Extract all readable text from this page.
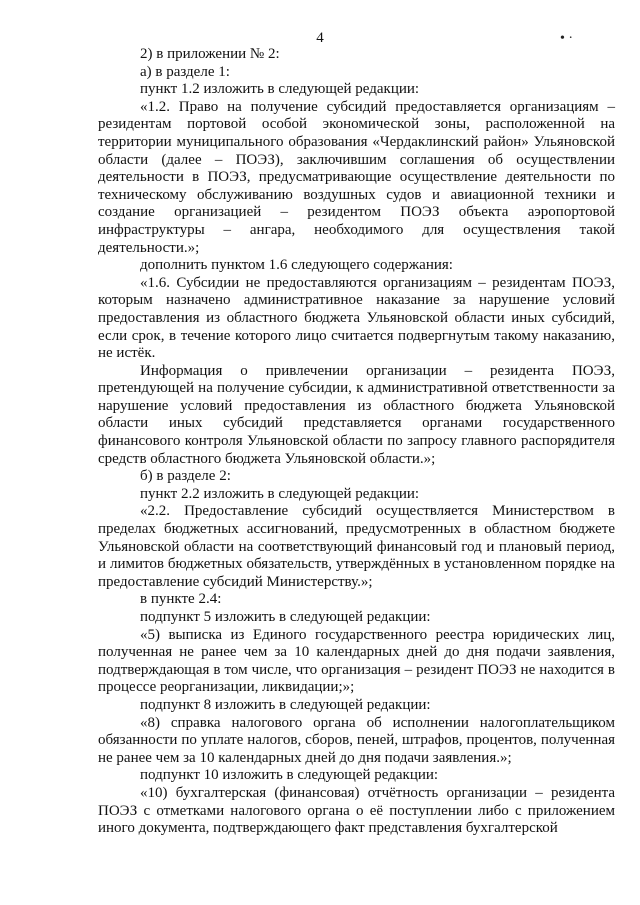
4	• ·

2) в приложении № 2:

а) в разделе 1:

пункт 1.2 изложить в следующей редакции:

«1.2. Право на получение субсидий предоставляется организациям – резидентам портовой особой экономической зоны, расположенной на территории муниципального образования «Чердаклинский район» Ульяновской области (далее – ПОЭЗ), заключившим соглашения об осуществлении деятельности в ПОЭЗ, предусматривающие осуществление деятельности по техническому обслуживанию воздушных судов и авиационной техники и создание организацией – резидентом ПОЭЗ объекта аэропортовой инфраструктуры – ангара, необходимого для осуществления такой деятельности.»;

дополнить пунктом 1.6 следующего содержания:

«1.6. Субсидии не предоставляются организациям – резидентам ПОЭЗ, которым назначено административное наказание за нарушение условий предоставления из областного бюджета Ульяновской области иных субсидий, если срок, в течение которого лицо считается подвергнутым такому наказанию, не истёк.

Информация о привлечении организации – резидента ПОЭЗ, претендующей на получение субсидии, к административной ответственности за нарушение условий предоставления из областного бюджета Ульяновской области иных субсидий представляется органами государственного финансового контроля Ульяновской области по запросу главного распорядителя средств областного бюджета Ульяновской области.»;

б) в разделе 2:

пункт 2.2 изложить в следующей редакции:

«2.2. Предоставление субсидий осуществляется Министерством в пределах бюджетных ассигнований, предусмотренных в областном бюджете Ульяновской области на соответствующий финансовый год и плановый период, и лимитов бюджетных обязательств, утверждённых в установленном порядке на предоставление субсидий Министерству.»;

в пункте 2.4:

подпункт 5 изложить в следующей редакции:

«5) выписка из Единого государственного реестра юридических лиц, полученная не ранее чем за 10 календарных дней до дня подачи заявления, подтверждающая в том числе, что организация – резидент ПОЭЗ не находится в процессе реорганизации, ликвидации;»;

подпункт 8 изложить в следующей редакции:

«8) справка налогового органа об исполнении налогоплательщиком обязанности по уплате налогов, сборов, пеней, штрафов, процентов, полученная не ранее чем за 10 календарных дней до дня подачи заявления.»;

подпункт 10 изложить в следующей редакции:

«10) бухгалтерская (финансовая) отчётность организации – резидента ПОЭЗ с отметками налогового органа о её поступлении либо с приложением иного документа, подтверждающего факт представления бухгалтерской
